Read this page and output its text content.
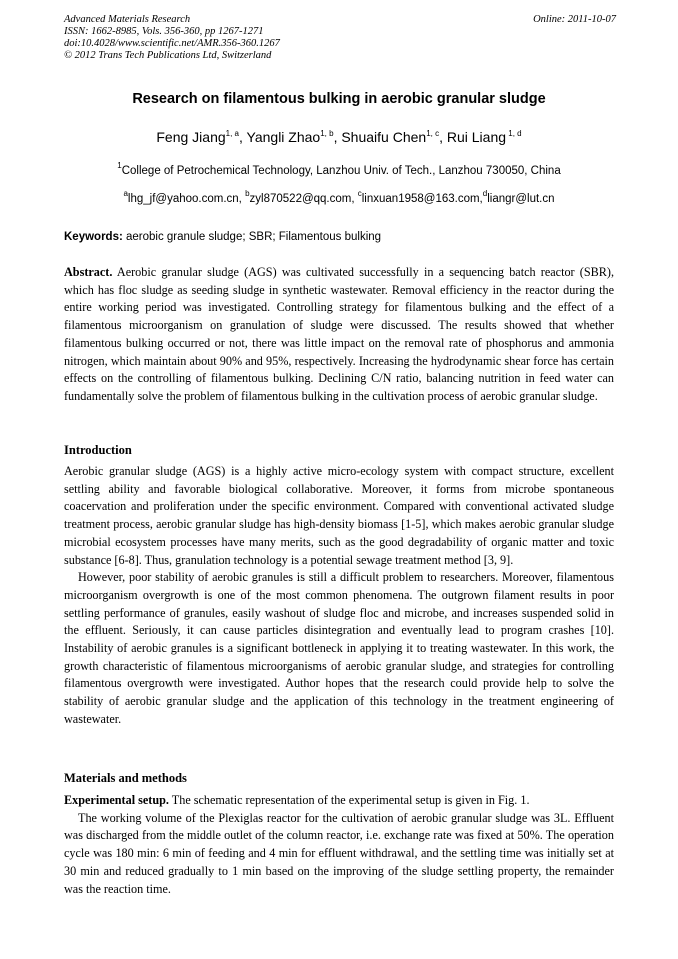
Advanced Materials Research
ISSN: 1662-8985, Vols. 356-360, pp 1267-1271
doi:10.4028/www.scientific.net/AMR.356-360.1267
© 2012 Trans Tech Publications Ltd, Switzerland
Online: 2011-10-07
Research on filamentous bulking in aerobic granular sludge
Feng Jiang$^{1, a}$, Yangli Zhao$^{1, b}$, Shuaifu Chen$^{1, c}$, Rui Liang $^{1, d}$
$^1$College of Petrochemical Technology, Lanzhou Univ. of Tech., Lanzhou 730050, China
$^a$lhg_jf@yahoo.com.cn, $^b$zyl870522@qq.com, $^c$linxuan1958@163.com,$^d$liangr@lut.cn
Keywords: aerobic granule sludge; SBR; Filamentous bulking
Abstract. Aerobic granular sludge (AGS) was cultivated successfully in a sequencing batch reactor (SBR), which has floc sludge as seeding sludge in synthetic wastewater. Removal efficiency in the reactor during the entire working period was investigated. Controlling strategy for filamentous bulking and the effect of a filamentous microorganism on granulation of sludge were discussed. The results showed that whether filamentous bulking occurred or not, there was little impact on the removal rate of phosphorus and ammonia nitrogen, which maintain about 90% and 95%, respectively. Increasing the hydrodynamic shear force has certain effects on the controlling of filamentous bulking. Declining C/N ratio, balancing nutrition in feed water can fundamentally solve the problem of filamentous bulking in the cultivation process of aerobic granular sludge.
Introduction

Aerobic granular sludge (AGS) is a highly active micro-ecology system with compact structure, excellent settling ability and favorable biological collaborative. Moreover, it forms from microbe spontaneous coacervation and proliferation under the specific environment. Compared with conventional activated sludge treatment process, aerobic granular sludge has high-density biomass [1-5], which makes aerobic granular sludge microbial ecosystem processes have many merits, such as the good degradability of organic matter and toxic substance [6-8]. Thus, granulation technology is a potential sewage treatment method [3, 9].

However, poor stability of aerobic granules is still a difficult problem to researchers. Moreover, filamentous microorganism overgrowth is one of the most common phenomena. The outgrown filament results in poor settling performance of granules, easily washout of sludge floc and microbe, and increases suspended solid in the effluent. Seriously, it can cause particles disintegration and eventually lead to program crashes [10]. Instability of aerobic granules is a significant bottleneck in applying it to treating wastewater. In this work, the growth characteristic of filamentous microorganisms of aerobic granular sludge, and strategies for controlling filamentous overgrowth were investigated. Author hopes that the research could provide help to solve the stability of aerobic granular sludge and the application of this technology in the treatment engineering of wastewater.

Materials and methods

Experimental setup. The schematic representation of the experimental setup is given in Fig. 1.

The working volume of the Plexiglas reactor for the cultivation of aerobic granular sludge was 3L. Effluent was discharged from the middle outlet of the column reactor, i.e. exchange rate was fixed at 50%. The operation cycle was 180 min: 6 min of feeding and 4 min for effluent withdrawal, and the settling time was initially set at 30 min and reduced gradually to 1 min based on the improving of the sludge settling property, the remainder was the reaction time.
